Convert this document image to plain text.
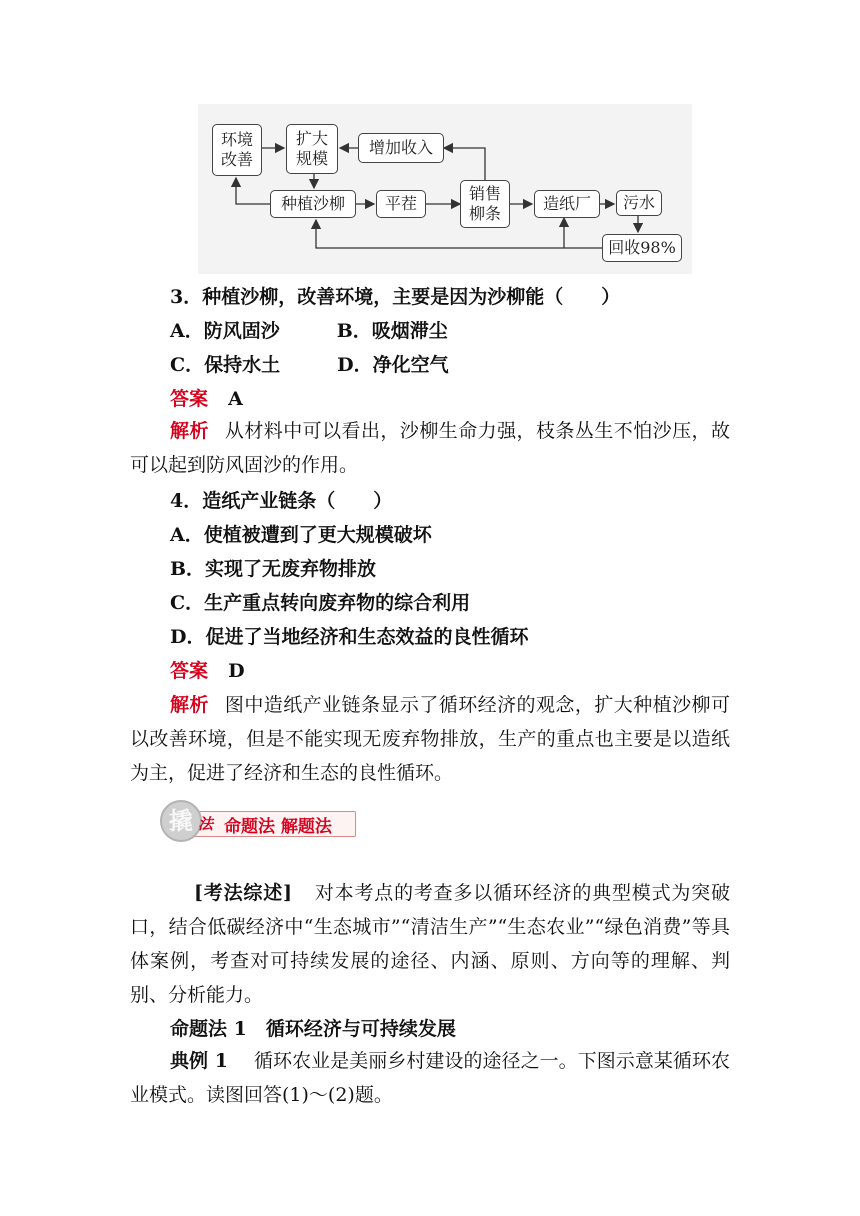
环境
改善
扩大
规模
增加收入
种植沙柳	平茬
销售
柳条
造纸厂	污水
回收98%
3．种植沙柳，改善环境，主要是因为沙柳能（　　）
A．防风固沙　　　B．吸烟滞尘
C．保持水土　　　D．净化空气
答案 A
解析 从材料中可以看出，沙柳生命力强，枝条丛生不怕沙压，故可以起到防风固沙的作用。
4．造纸产业链条（　　）
A．使植被遭到了更大规模破坏
B．实现了无废弃物排放
C．生产重点转向废弃物的综合利用
D．促进了当地经济和生态效益的良性循环
答案 D
解析 图中造纸产业链条显示了循环经济的观念，扩大种植沙柳可以改善环境，但是不能实现无废弃物排放，生产的重点也主要是以造纸为主，促进了经济和生态的良性循环。
撬 法 命题法 解题法
[考法综述] 对本考点的考查多以循环经济的典型模式为突破口，结合低碳经济中“生态城市”“清洁生产”“生态农业”“绿色消费”等具体案例，考查对可持续发展的途径、内涵、原则、方向等的理解、判别、分析能力。
命题法 1　循环经济与可持续发展
典例 1 循环农业是美丽乡村建设的途径之一。下图示意某循环农业模式。读图回答(1)～(2)题。
